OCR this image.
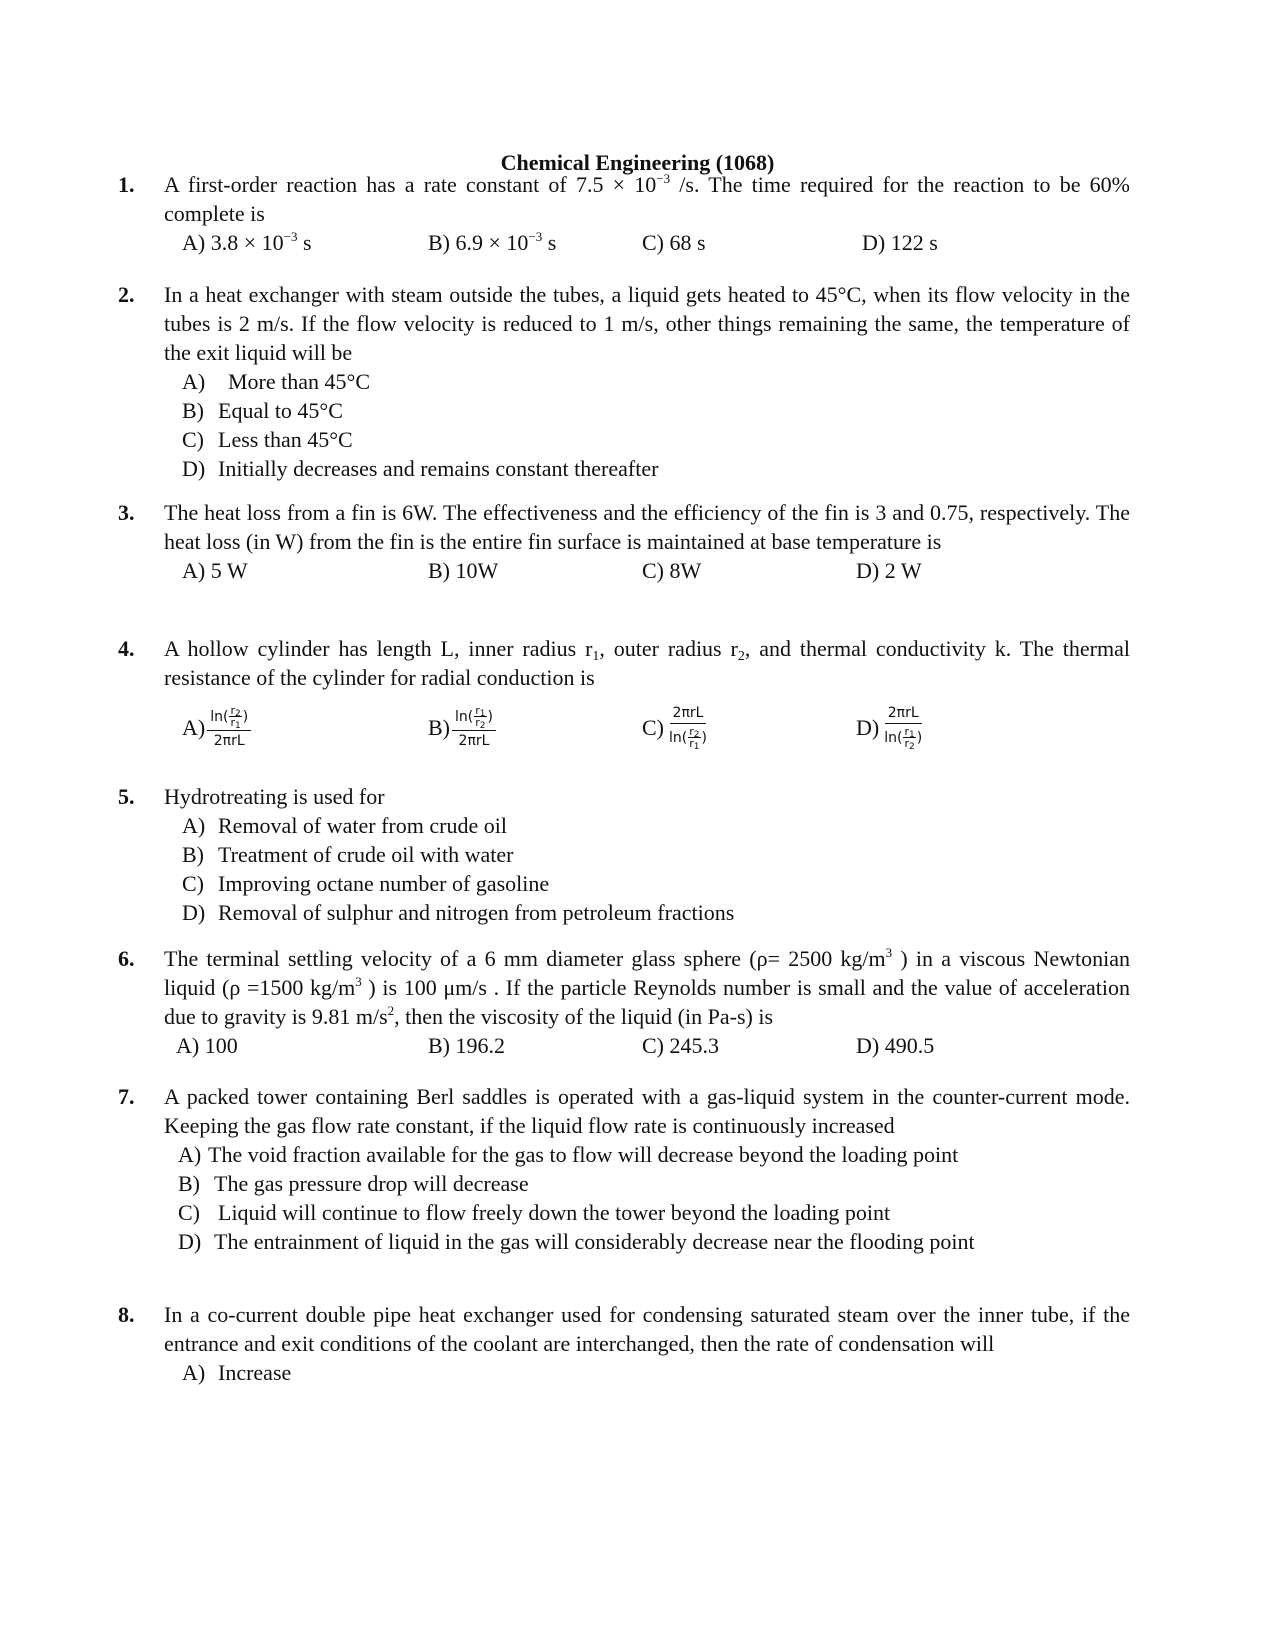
Chemical Engineering (1068)
1. A first-order reaction has a rate constant of $7.5 \times 10^{-3}$ /s. The time required for the reaction to be 60% complete is
A) $3.8 \times 10^{-3}$ s	B) $6.9 \times 10^{-3}$ s	C) 68 s	D) 122 s
2. In a heat exchanger with steam outside the tubes, a liquid gets heated to 45°C, when its flow velocity in the tubes is 2 m/s. If the flow velocity is reduced to 1 m/s, other things remaining the same, the temperature of the exit liquid will be
A) More than 45°C
B) Equal to 45°C
C) Less than 45°C
D) Initially decreases and remains constant thereafter
3. The heat loss from a fin is 6W. The effectiveness and the efficiency of the fin is 3 and 0.75, respectively. The heat loss (in W) from the fin is the entire fin surface is maintained at base temperature is
A) 5 W	B) 10W	C) 8W	D) 2 W
4. A hollow cylinder has length L, inner radius $r_1$, outer radius $r_2$, and thermal conductivity k. The thermal resistance of the cylinder for radial conduction is
A) ln( $r_2$
$r_1$
)
2πrL	B) ln( $r_1$
$r_2$
)
2πrL	C) 2πrL
ln( $r_2$
$r_1$
)	D) 2πrL
ln( $r_1$
$r_2$
)
5. Hydrotreating is used for
A) Removal of water from crude oil
B) Treatment of crude oil with water
C) Improving octane number of gasoline
D) Removal of sulphur and nitrogen from petroleum fractions
6. The terminal settling velocity of a 6 mm diameter glass sphere (ρ= 2500 $kg/m^3$ ) in a viscous Newtonian liquid (ρ =1500 $kg/m^3$ ) is 100 μm/s . If the particle Reynolds number is small and the value of acceleration due to gravity is 9.81 $m/s^2$, then the viscosity of the liquid (in Pa-s) is
A) 100	B) 196.2	C) 245.3	D) 490.5
7. A packed tower containing Berl saddles is operated with a gas-liquid system in the counter-current mode. Keeping the gas flow rate constant, if the liquid flow rate is continuously increased
A) The void fraction available for the gas to flow will decrease beyond the loading point
B) The gas pressure drop will decrease
C) Liquid will continue to flow freely down the tower beyond the loading point
D) The entrainment of liquid in the gas will considerably decrease near the flooding point
8. In a co-current double pipe heat exchanger used for condensing saturated steam over the inner tube, if the entrance and exit conditions of the coolant are interchanged, then the rate of condensation will
A) Increase
